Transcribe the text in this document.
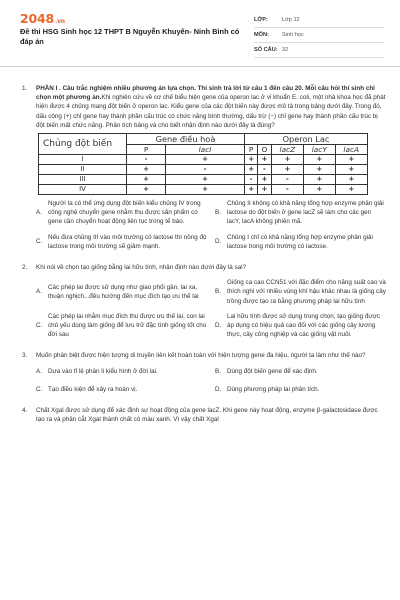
2048.vn
Đề thi HSG Sinh học 12 THPT B Nguyễn Khuyến- Ninh Bình có đáp án
LỚP:	Lớp 12
MÔN:	Sinh học
SỐ CÂU: 32
1. PHẦN I . Câu trắc nghiệm nhiều phương án lựa chọn. Thí sinh trả lời từ câu 1 đến câu 20. Mỗi câu hỏi thí sinh chỉ chọn một phương án.Khi nghiên cứu về cơ chế biểu hiện gene của operon lac ở vi khuẩn E. coli, một nhà khoa học đã phát hiện được 4 chủng mang đột biến ở operon lac. Kiểu gene của các đột biến này được mô tả trong bảng dưới đây. Trong đó, dấu cộng (+) chỉ gene hay thành phần cấu trúc có chức năng bình thường, dấu trừ (−) chỉ gene hay thành phần cấu trúc bị đột biến mất chức năng. Phân tích bảng và cho biết nhận định nào dưới đây là đúng?
Chủng đột biến	Gene điều hoà		Operon Lac				
	P	lacI	P	O	lacZ	lacY	lacA
I	-	+	+	+	+	+	+
II	+	-	+	-	+	+	+
III	+	+	-	+	-	+	+
IV	+	+	+	+	-	+	+
A.
Người ta có thể ứng dụng đột biến kiểu chủng IV trong công nghệ chuyển gene nhằm thu được sản phẩm có gene cần chuyển hoạt động liên tục trong tế bào.
B.
Chủng II không có khả năng tổng hợp enzyme phân giải lactose do đột biến ở gene lacZ sẽ làm cho các gen lacY, lacA không phiên mã.
C.
Nếu đưa chủng III vào môi trường có lactose thì nồng độ lactose trong môi trường sẽ giảm mạnh.
D.
Chủng I chỉ có khả năng tổng hợp enzyme phân giải lactose trong môi trường có lactose.
2. Khi nói về chọn tạo giống bằng lai hữu tính, nhận định nào dưới đây là sai?
A.
Các phép lai được sử dụng như giao phối gần, lai xa, thuận nghịch...đều hướng đến mục đích tạo ưu thế lai
B.
Giống ca cao CCN51 với đặc điểm cho năng suất cao và thích nghi với nhiều vùng khí hậu khác nhau là giống cây trồng được tạo ra bằng phương pháp lai hữu tính
C.
Các phép lai nhằm mục đích thu được ưu thế lai, con lai chủ yếu dùng làm giống để lưu trữ đặc tính giống tốt cho đời sau
D.
Lai hữu tính được sử dụng trong chọn, tạo giống được áp dụng có hiệu quả cao đối với các giống cây lương thực, cây công nghiệp và các giống vật nuôi.
3. Muốn phân biệt được hiện tượng di truyền liên kết hoàn toàn với hiện tượng gene đa hiệu, người ta làm như thế nào?
A. Dựa vào tỉ lệ phân li kiểu hình ở đời lai.	B. Dùng đột biến gene để xác định.
C. Tạo điều kiện để xảy ra hoán vị.	D. Dùng phương pháp lai phân tích.
4. Chất Xgal được sử dụng để xác định sự hoạt động của gene lacZ. Khi gene này hoạt động, enzyme β-galactosidase được tạo ra và phân cắt Xgal thành chất có màu xanh. Vì vậy chất Xgal
